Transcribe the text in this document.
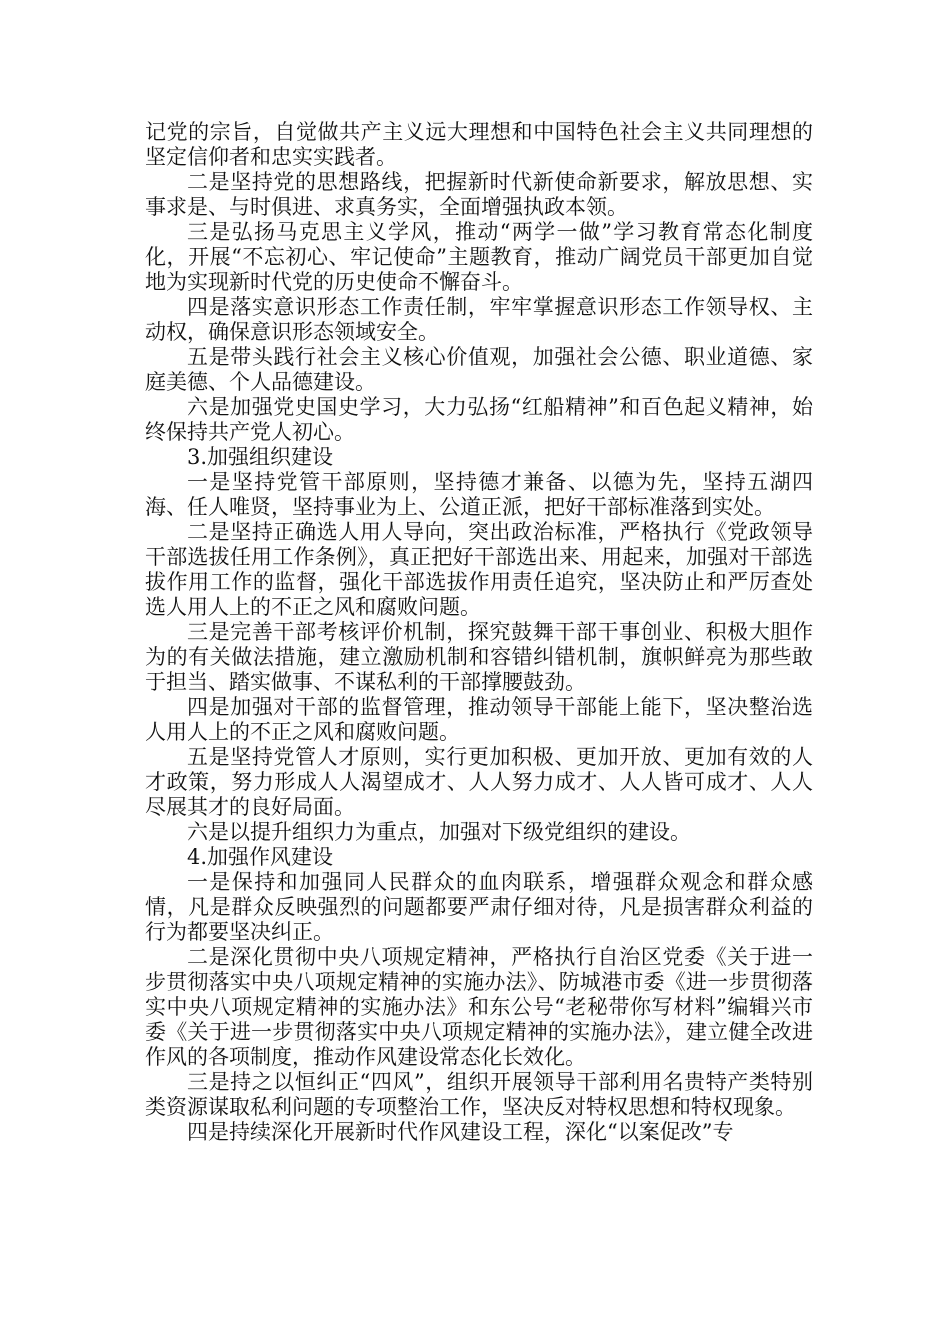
记党的宗旨，自觉做共产主义远大理想和中国特色社会主义共同理想的坚定信仰者和忠实实践者。

二是坚持党的思想路线，把握新时代新使命新要求，解放思想、实事求是、与时俱进、求真务实，全面增强执政本领。

三是弘扬马克思主义学风，推动“两学一做”学习教育常态化制度化，开展“不忘初心、牢记使命”主题教育，推动广阔党员干部更加自觉地为实现新时代党的历史使命不懈奋斗。

四是落实意识形态工作责任制，牢牢掌握意识形态工作领导权、主动权，确保意识形态领域安全。

五是带头践行社会主义核心价值观，加强社会公德、职业道德、家庭美德、个人品德建设。

六是加强党史国史学习，大力弘扬“红船精神”和百色起义精神，始终保持共产党人初心。

3.加强组织建设

一是坚持党管干部原则，坚持德才兼备、以德为先，坚持五湖四海、任人唯贤，坚持事业为上、公道正派，把好干部标准落到实处。

二是坚持正确选人用人导向，突出政治标准，严格执行《党政领导干部选拔任用工作条例》，真正把好干部选出来、用起来，加强对干部选拔作用工作的监督，强化干部选拔作用责任追究，坚决防止和严厉查处选人用人上的不正之风和腐败问题。

三是完善干部考核评价机制，探究鼓舞干部干事创业、积极大胆作为的有关做法措施，建立激励机制和容错纠错机制，旗帜鲜亮为那些敢于担当、踏实做事、不谋私利的干部撑腰鼓劲。

四是加强对干部的监督管理，推动领导干部能上能下，坚决整治选人用人上的不正之风和腐败问题。

五是坚持党管人才原则，实行更加积极、更加开放、更加有效的人才政策，努力形成人人渴望成才、人人努力成才、人人皆可成才、人人尽展其才的良好局面。

六是以提升组织力为重点，加强对下级党组织的建设。

4.加强作风建设

一是保持和加强同人民群众的血肉联系，增强群众观念和群众感情，凡是群众反映强烈的问题都要严肃仔细对待，凡是损害群众利益的行为都要坚决纠正。

二是深化贯彻中央八项规定精神，严格执行自治区党委《关于进一步贯彻落实中央八项规定精神的实施办法》、防城港市委《进一步贯彻落实中央八项规定精神的实施办法》和东公号“老秘带你写材料”编辑兴市委《关于进一步贯彻落实中央八项规定精神的实施办法》，建立健全改进作风的各项制度，推动作风建设常态化长效化。

三是持之以恒纠正“四风”，组织开展领导干部利用名贵特产类特别类资源谋取私利问题的专项整治工作，坚决反对特权思想和特权现象。

四是持续深化开展新时代作风建设工程，深化“以案促改”专
